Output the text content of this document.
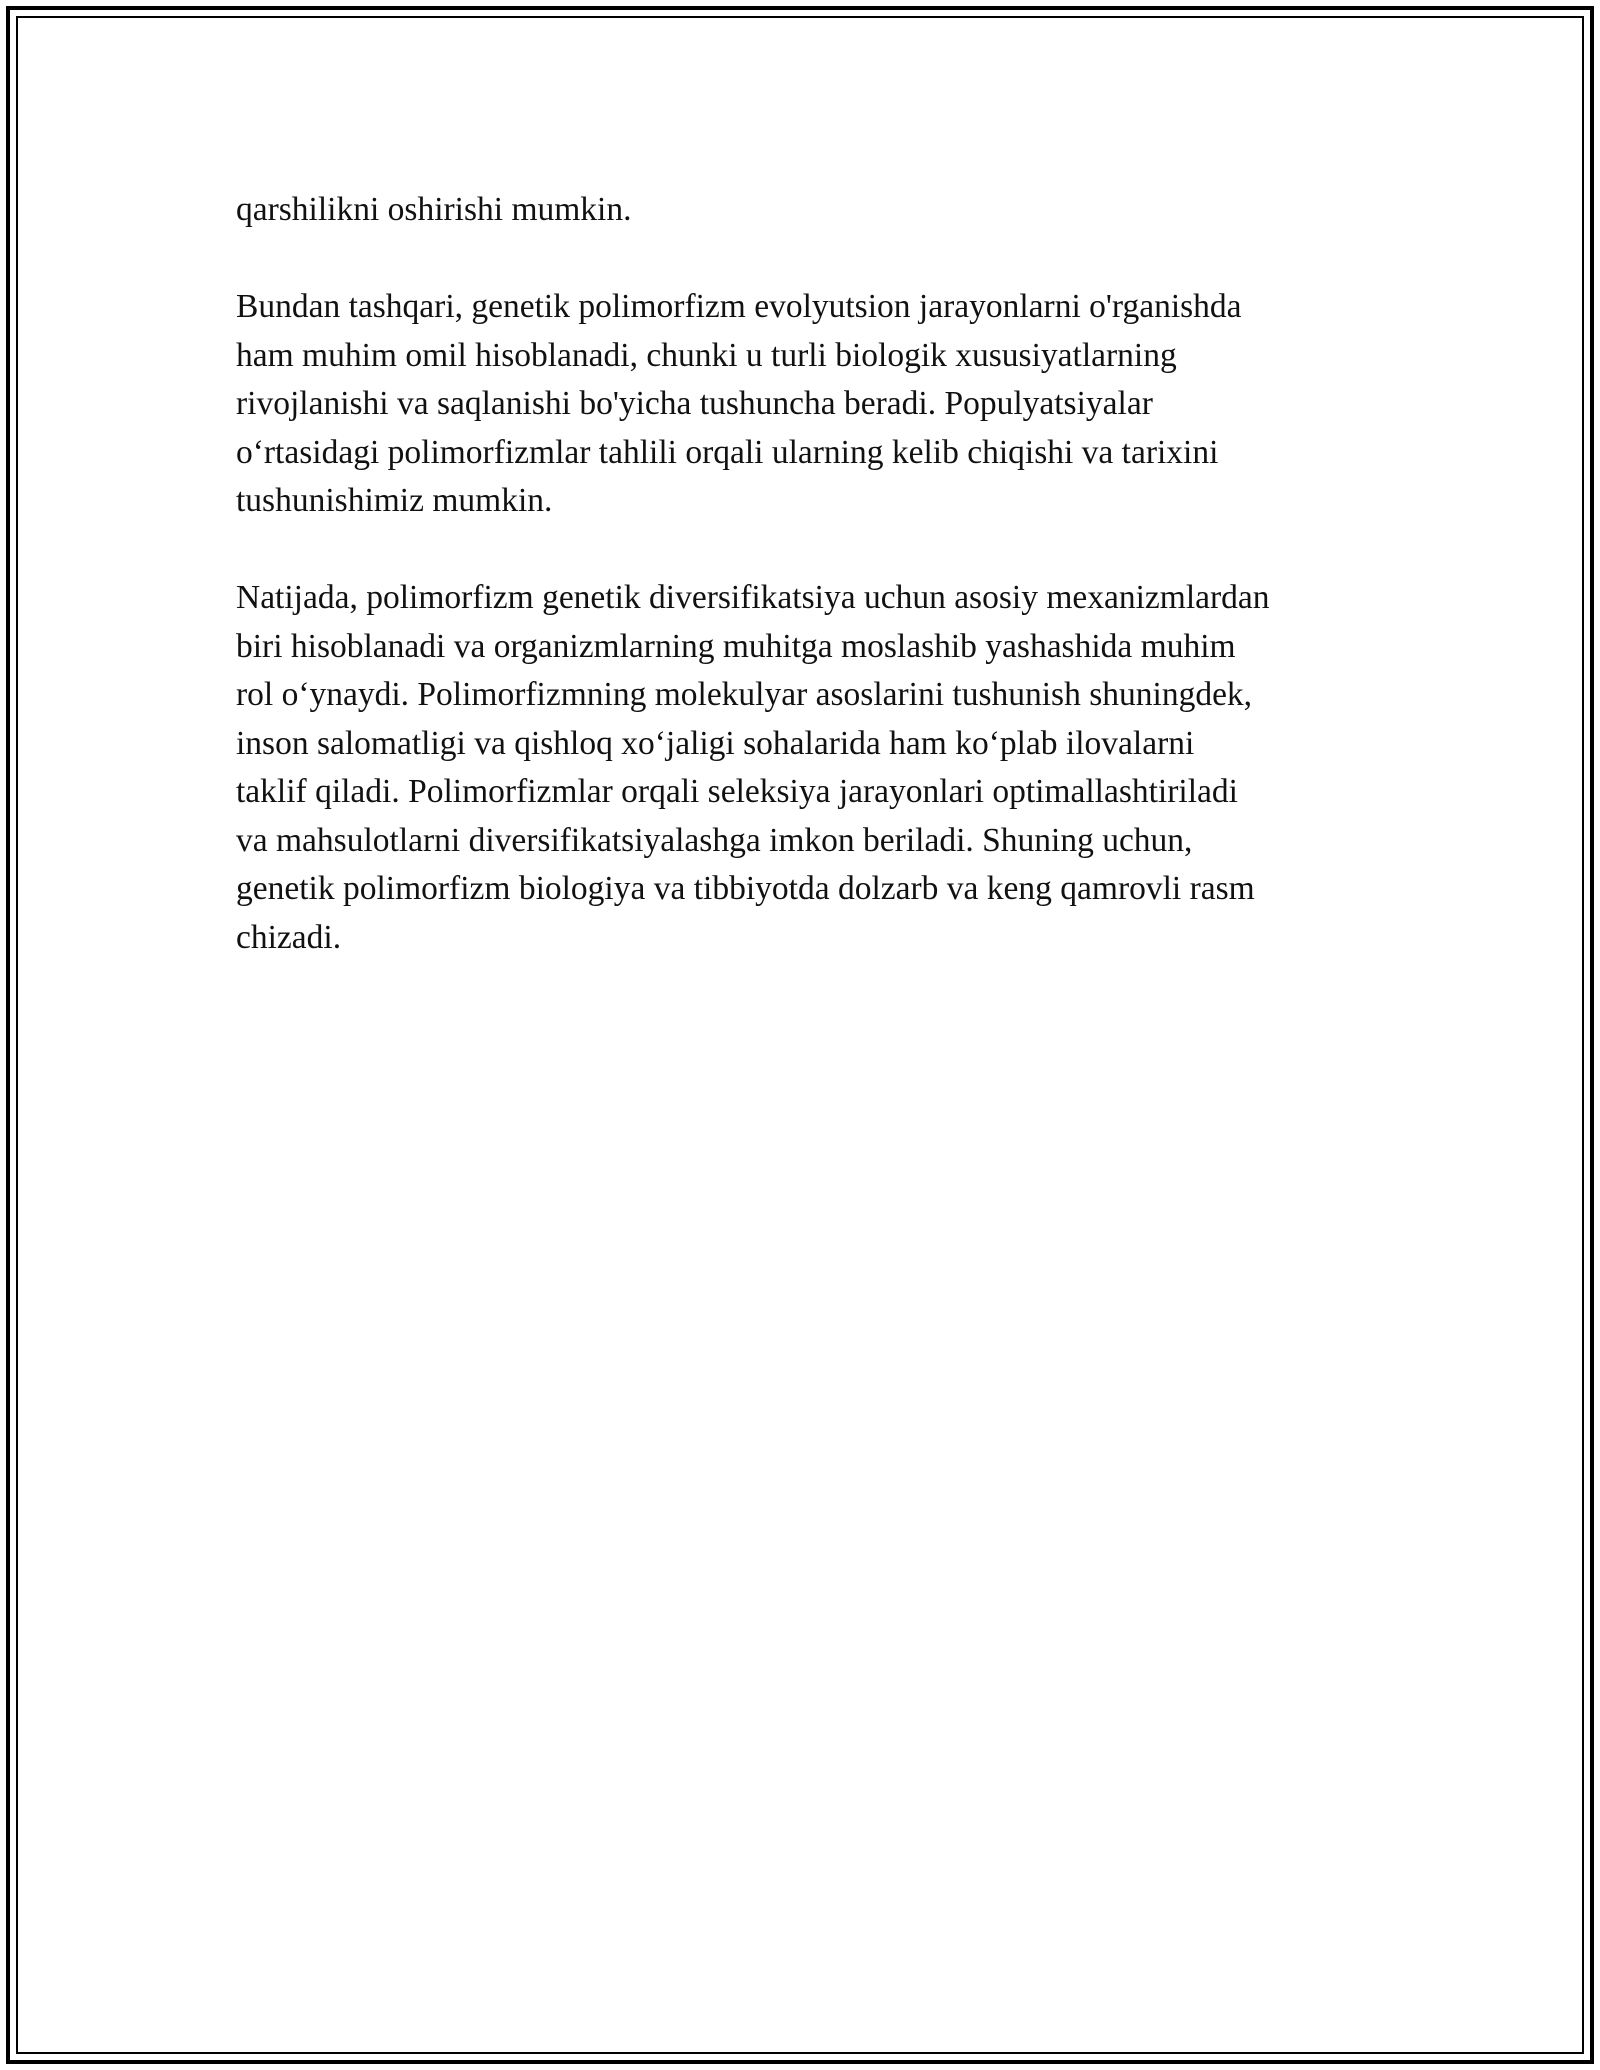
qarshilikni oshirishi mumkin.

Bundan tashqari, genetik polimorfizm evolyutsion jarayonlarni o'rganishda
ham muhim omil hisoblanadi, chunki u turli biologik xususiyatlarning
rivojlanishi va saqlanishi bo'yicha tushuncha beradi. Populyatsiyalar
o‘rtasidagi polimorfizmlar tahlili orqali ularning kelib chiqishi va tarixini
tushunishimiz mumkin.

Natijada, polimorfizm genetik diversifikatsiya uchun asosiy mexanizmlardan
biri hisoblanadi va organizmlarning muhitga moslashib yashashida muhim
rol o‘ynaydi. Polimorfizmning molekulyar asoslarini tushunish shuningdek,
inson salomatligi va qishloq xo‘jaligi sohalarida ham ko‘plab ilovalarni
taklif qiladi. Polimorfizmlar orqali seleksiya jarayonlari optimallashtiriladi
va mahsulotlarni diversifikatsiyalashga imkon beriladi. Shuning uchun,
genetik polimorfizm biologiya va tibbiyotda dolzarb va keng qamrovli rasm
chizadi.
